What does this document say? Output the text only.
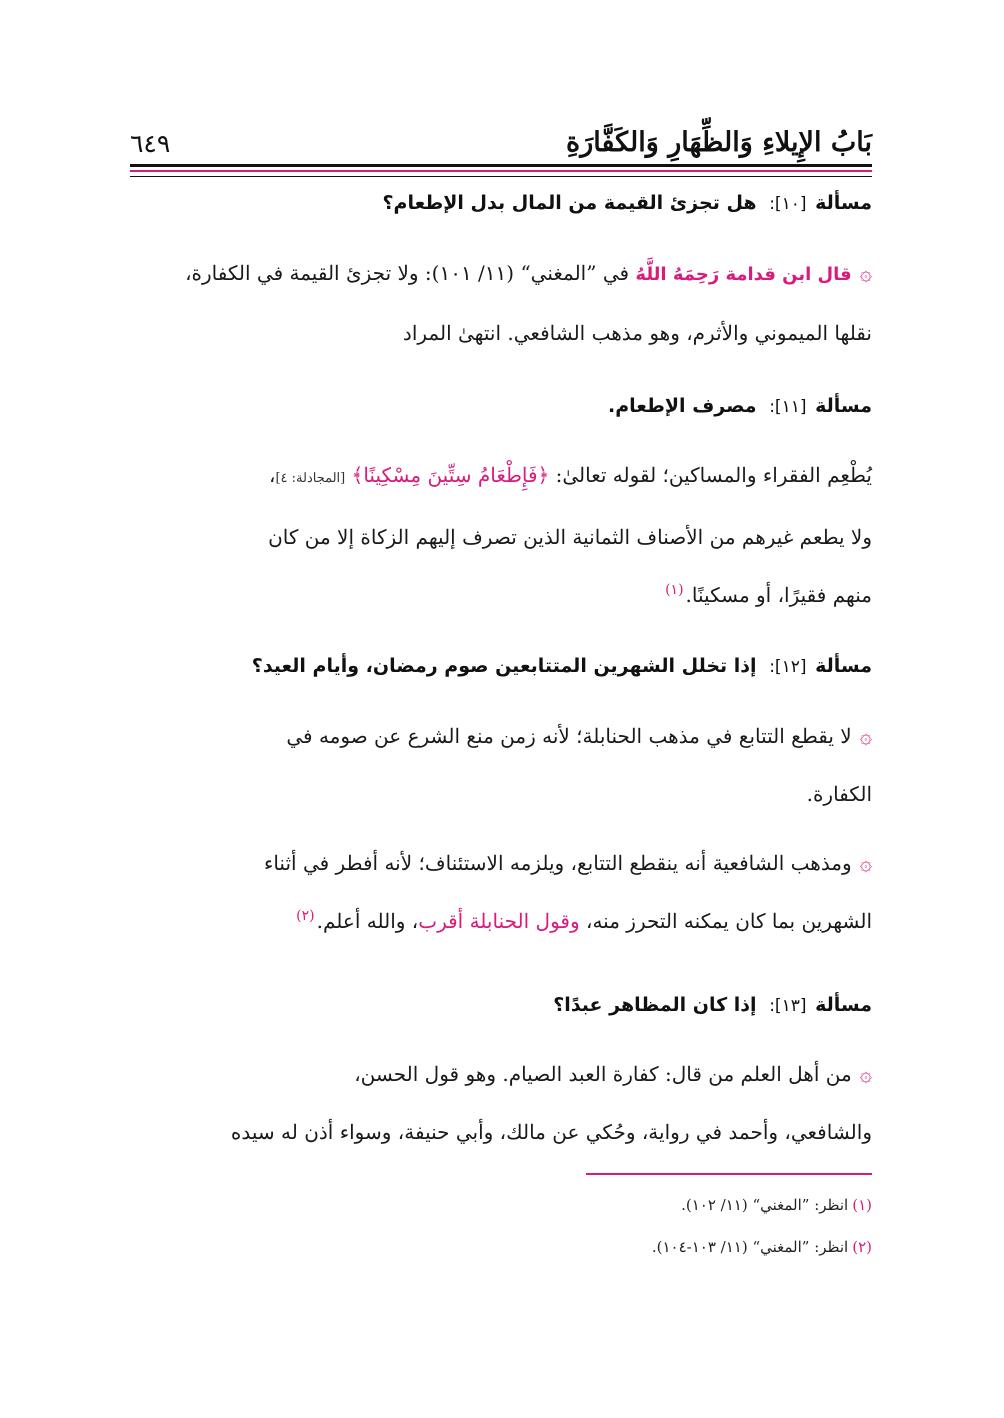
بَابُ الإِيلاءِ وَالظِّهَارِ وَالكَفَّارَةِ
٦٤٩
مسألة [١٠]: هل تجزئ القيمة من المال بدل الإطعام؟
۞قال ابن قدامة رَحِمَهُ اللَّهُ في ”المغني“ (١١/ ١٠١): ولا تجزئ القيمة في الكفارة،
نقلها الميموني والأثرم، وهو مذهب الشافعي. انتهىٰ المراد
مسألة [١١]: مصرف الإطعام.
يُطْعِم الفقراء والمساكين؛ لقوله تعالىٰ: ﴿فَإِطْعَامُ سِتِّينَ مِسْكِينًا﴾ [المجادلة: ٤]،
ولا يطعم غيرهم من الأصناف الثمانية الذين تصرف إليهم الزكاة إلا من كان
منهم فقيرًا، أو مسكينًا.$^{(١)}$
مسألة [١٢]: إذا تخلل الشهرين المتتابعين صوم رمضان، وأيام العيد؟
۞لا يقطع التتابع في مذهب الحنابلة؛ لأنه زمن منع الشرع عن صومه في
الكفارة.
۞ومذهب الشافعية أنه ينقطع التتابع، ويلزمه الاستئناف؛ لأنه أفطر في أثناء
الشهرين بما كان يمكنه التحرز منه، وقول الحنابلة أقرب، والله أعلم.$^{(٢)}$
مسألة [١٣]: إذا كان المظاهر عبدًا؟
۞من أهل العلم من قال: كفارة العبد الصيام. وهو قول الحسن،
والشافعي، وأحمد في رواية، وحُكي عن مالك، وأبي حنيفة، وسواء أذن له سيده
(١)انظر: ”المغني“ (١١/ ١٠٢).
(٢)انظر: ”المغني“ (١١/ ١٠٣-١٠٤).
